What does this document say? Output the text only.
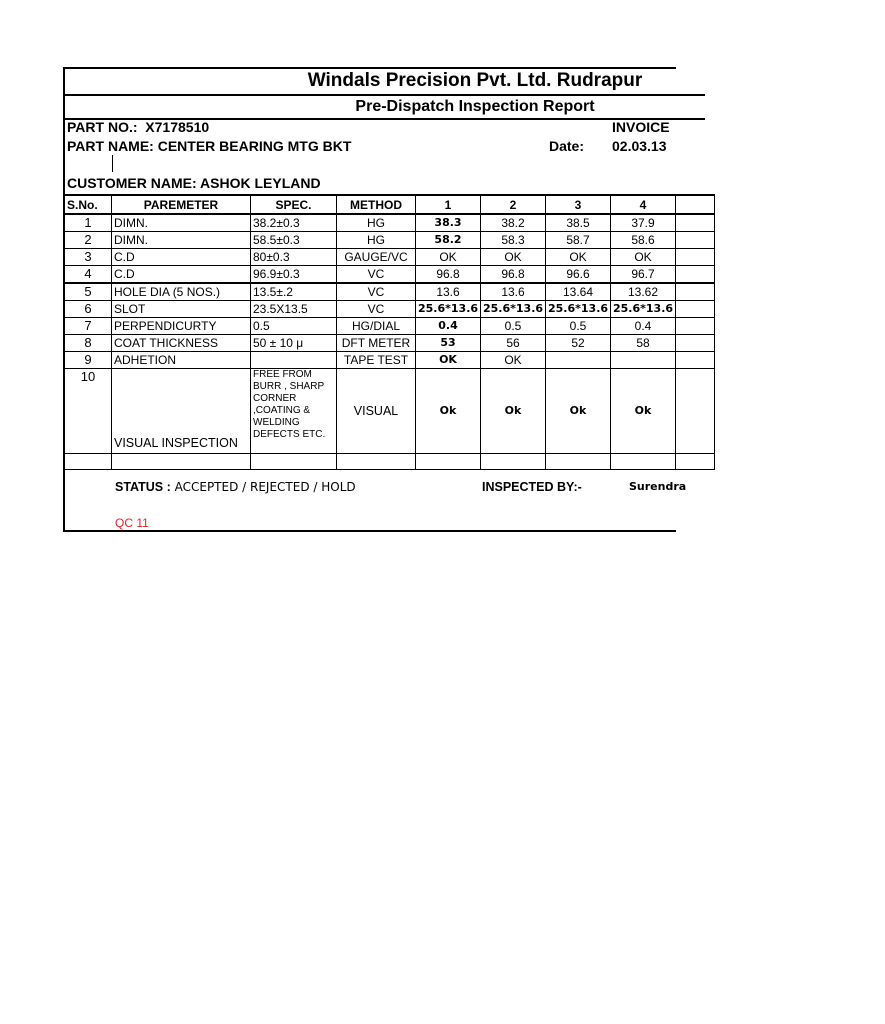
Windals Precision Pvt. Ltd. Rudrapur
Pre-Dispatch Inspection Report
PART NO.: X7178510	INVOICE
PART NAME: CENTER BEARING MTG BKT	Date: 02.03.13
CUSTOMER NAME: ASHOK LEYLAND
S.No.	PAREMETER	SPEC.	METHOD	1	2	3	4	
1	DIMN.	38.2±0.3	HG	38.3	38.2	38.5	37.9	
2	DIMN.	58.5±0.3	HG	58.2	58.3	58.7	58.6	
3	C.D	80±0.3	GAUGE/VC	OK	OK	OK	OK	
4	C.D	96.9±0.3	VC	96.8	96.8	96.6	96.7	
5	HOLE DIA (5 NOS.)	13.5±.2	VC	13.6	13.6	13.64	13.62	
6	SLOT	23.5X13.5	VC	25.6*13.6	25.6*13.6	25.6*13.6	25.6*13.6	
7	PERPENDICURTY	0.5	HG/DIAL	0.4	0.5	0.5	0.4	
8	COAT THICKNESS	50 ± 10 μ	DFT METER	53	56	52	58	
9	ADHETION		TAPE TEST	OK	OK			
10	VISUAL INSPECTION	FREE FROM BURR , SHARP CORNER ,COATING & WELDING DEFECTS ETC.	VISUAL	Ok	Ok	Ok	Ok	

STATUS : ACCEPTED / REJECTED / HOLD	INSPECTED BY:-	Surendra
QC 11
